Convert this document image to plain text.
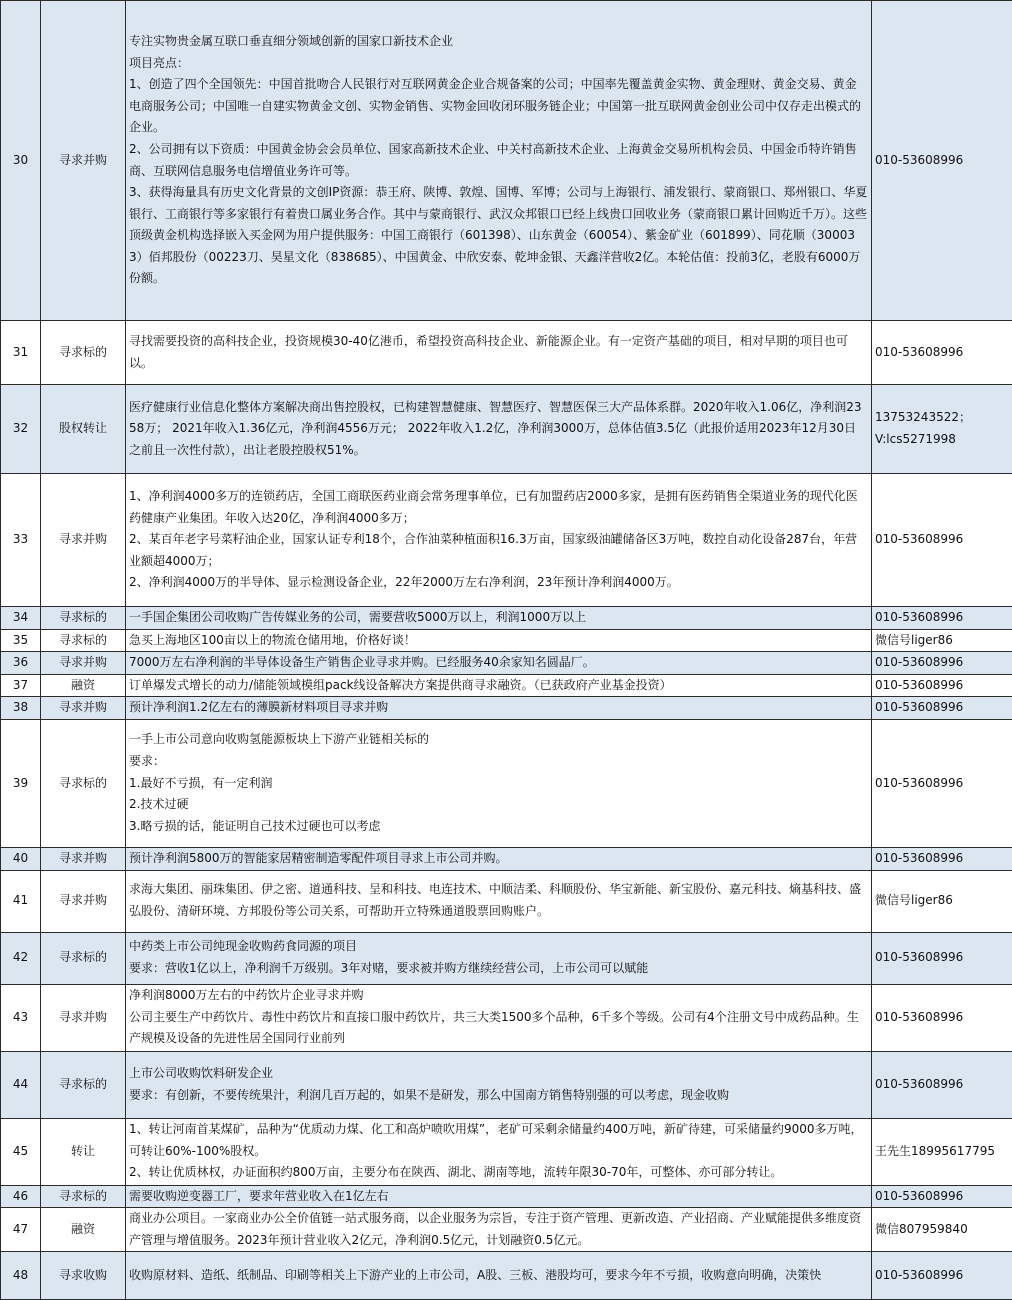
30	寻求并购	专注实物贵金属互联口垂直细分领域创新的国家口新技术企业
项目亮点：
1、创造了四个全国领先：中国首批吻合人民银行对互联网黄金企业合规备案的公司；中国率先覆盖黄金实物、黄金理财、黄金交易、黄金电商服务公司；中国唯一自建实物黄金文创、实物金销售、实物金回收闭环服务链企业；中国第一批互联网黄金创业公司中仅存走出模式的企业。
2、公司拥有以下资质：中国黄金协会会员单位、国家高新技术企业、中关村高新技术企业、上海黄金交易所机构会员、中国金币特许销售商、互联网信息服务电信增值业务许可等。
3、获得海量具有历史文化背景的文创IP资源：恭王府、陕博、敦煌、国博、军博；公司与上海银行、浦发银行、蒙商银口、郑州银口、华夏银行、工商银行等多家银行有着贵口属业务合作。其中与蒙商银行、武汉众邦银口已经上线贵口回收业务（蒙商银口累计回购近千万）。这些顶级黄金机构选择嵌入买金网为用户提供服务：中国工商银行（601398）、山东黄金（60054）、紫金矿业（601899）、同花顺（300033）佰邦股份（00223刀、昊星文化（838685）、中国黄金、中欣安泰、乾坤金银、天鑫洋营收2亿。本轮估值：投前3亿，老股有6000万份额。	010-53608996
31	寻求标的	寻找需要投资的高科技企业，投资规模30-40亿港币，希望投资高科技企业、新能源企业。有一定资产基础的项目，相对早期的项目也可以。	010-53608996
32	股权转让	医疗健康行业信息化整体方案解决商出售控股权，已构建智慧健康、智慧医疗、智慧医保三大产品体系群。2020年收入1.06亿，净利润2358万； 2021年收入1.36亿元，净利润4556万元； 2022年收入1.2亿，净利润3000万，总体估值3.5亿（此报价适用2023年12月30日之前且一次性付款），出让老股控股权51%。	13753243522；
V:lcs5271998
33	寻求并购	1、净利润4000多万的连锁药店，全国工商联医药业商会常务理事单位，已有加盟药店2000多家，是拥有医药销售全渠道业务的现代化医药健康产业集团。年收入达20亿，净利润4000多万；
2、某百年老字号菜籽油企业，国家认证专利18个，合作油菜种植面积16.3万亩，国家级油罐储备区3万吨，数控自动化设备287台，年营业额超4000万；
2、净利润4000万的半导体、显示检测设备企业，22年2000万左右净利润，23年预计净利润4000万。	010-53608996
34	寻求标的	一手国企集团公司收购广告传媒业务的公司，需要营收5000万以上，利润1000万以上	010-53608996
35	寻求标的	急买上海地区100亩以上的物流仓储用地，价格好谈！	微信号liger86
36	寻求并购	7000万左右净利润的半导体设备生产销售企业寻求并购。已经服务40余家知名圆晶厂。	010-53608996
37	融资	订单爆发式增长的动力/储能领域模组pack线设备解决方案提供商寻求融资。（已获政府产业基金投资）	010-53608996
38	寻求并购	预计净利润1.2亿左右的薄膜新材料项目寻求并购	010-53608996
39	寻求标的	一手上市公司意向收购氢能源板块上下游产业链相关标的
要求：
1.最好不亏损，有一定利润
2.技术过硬
3.略亏损的话，能证明自己技术过硬也可以考虑	010-53608996
40	寻求并购	预计净利润5800万的智能家居精密制造零配件项目寻求上市公司并购。	010-53608996
41	寻求并购	求海大集团、丽珠集团、伊之密、道通科技、呈和科技、电连技术、中顺洁柔、科顺股份、华宝新能、新宝股份、嘉元科技、熵基科技、盛弘股份、清研环境、方邦股份等公司关系，可帮助开立特殊通道股票回购账户。	微信号liger86
42	寻求标的	中药类上市公司纯现金收购药食同源的项目
要求：营收1亿以上，净利润千万级别。3年对赌，要求被并购方继续经营公司，上市公司可以赋能	010-53608996
43	寻求并购	净利润8000万左右的中药饮片企业寻求并购
公司主要生产中药饮片、毒性中药饮片和直接口服中药饮片，共三大类1500多个品种，6千多个等级。公司有4个注册文号中成药品种。生产规模及设备的先进性居全国同行业前列	010-53608996
44	寻求标的	上市公司收购饮料研发企业
要求：有创新，不要传统果汁，利润几百万起的，如果不是研发，那么中国南方销售特别强的可以考虑，现金收购	010-53608996
45	转让	1、转让河南首某煤矿，品种为“优质动力煤、化工和高炉喷吹用煤”，老矿可采剩余储量约400万吨，新矿待建，可采储量约9000多万吨，可转让60%-100%股权。
2、转让优质林权，办证面积约800万亩，主要分布在陕西、湖北、湖南等地，流转年限30-70年，可整体、亦可部分转让。	王先生18995617795
46	寻求标的	需要收购逆变器工厂，要求年营业收入在1亿左右	010-53608996
47	融资	商业办公项目。一家商业办公全价值链一站式服务商，以企业服务为宗旨，专注于资产管理、更新改造、产业招商、产业赋能提供多维度资产管理与增值服务。2023年预计营业收入2亿元，净利润0.5亿元，计划融资0.5亿元。	微信807959840
48	寻求收购	收购原材料、造纸、纸制品、印刷等相关上下游产业的上市公司，A股、三板、港股均可，要求今年不亏损，收购意向明确，决策快	010-53608996
